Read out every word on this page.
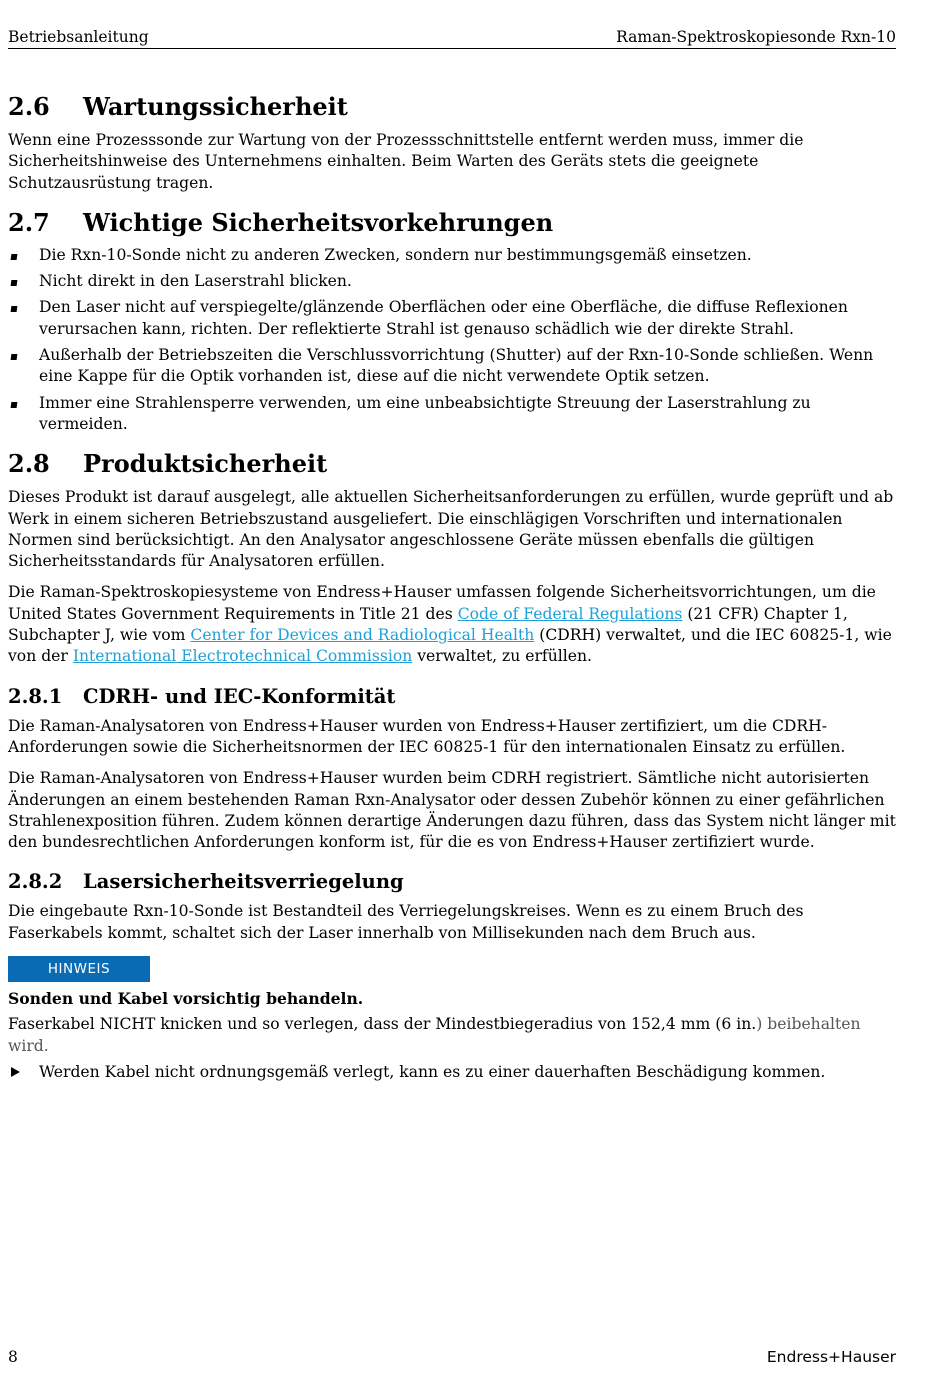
Betriebsanleitung	Raman-Spektroskopiesonde Rxn-10
2.6 Wartungssicherheit

Wenn eine Prozesssonde zur Wartung von der Prozessschnittstelle entfernt werden muss, immer die Sicherheitshinweise des Unternehmens einhalten. Beim Warten des Geräts stets die geeignete Schutzausrüstung tragen.

2.7 Wichtige Sicherheitsvorkehrungen
Die Rxn-10-Sonde nicht zu anderen Zwecken, sondern nur bestimmungsgemäß einsetzen.
Nicht direkt in den Laserstrahl blicken.
Den Laser nicht auf verspiegelte/glänzende Oberflächen oder eine Oberfläche, die diffuse Reflexionen verursachen kann, richten. Der reflektierte Strahl ist genauso schädlich wie der direkte Strahl.
Außerhalb der Betriebszeiten die Verschlussvorrichtung (Shutter) auf der Rxn-10-Sonde schließen. Wenn eine Kappe für die Optik vorhanden ist, diese auf die nicht verwendete Optik setzen.
Immer eine Strahlensperre verwenden, um eine unbeabsichtigte Streuung der Laserstrahlung zu vermeiden.
2.8 Produktsicherheit

Dieses Produkt ist darauf ausgelegt, alle aktuellen Sicherheitsanforderungen zu erfüllen, wurde geprüft und ab Werk in einem sicheren Betriebszustand ausgeliefert. Die einschlägigen Vorschriften und internationalen Normen sind berücksichtigt. An den Analysator angeschlossene Geräte müssen ebenfalls die gültigen Sicherheitsstandards für Analysatoren erfüllen.

Die Raman-Spektroskopiesysteme von Endress+Hauser umfassen folgende Sicherheitsvorrichtungen, um die United States Government Requirements in Title 21 des Code of Federal Regulations (21 CFR) Chapter 1, Subchapter J, wie vom Center for Devices and Radiological Health (CDRH) verwaltet, und die IEC 60825-1, wie von der International Electrotechnical Commission verwaltet, zu erfüllen.

2.8.1 CDRH- und IEC-Konformität

Die Raman-Analysatoren von Endress+Hauser wurden von Endress+Hauser zertifiziert, um die CDRH-Anforderungen sowie die Sicherheitsnormen der IEC 60825-1 für den internationalen Einsatz zu erfüllen.

Die Raman-Analysatoren von Endress+Hauser wurden beim CDRH registriert. Sämtliche nicht autorisierten Änderungen an einem bestehenden Raman Rxn-Analysator oder dessen Zubehör können zu einer gefährlichen Strahlenexposition führen. Zudem können derartige Änderungen dazu führen, dass das System nicht länger mit den bundesrechtlichen Anforderungen konform ist, für die es von Endress+Hauser zertifiziert wurde.

2.8.2 Lasersicherheitsverriegelung

Die eingebaute Rxn-10-Sonde ist Bestandteil des Verriegelungskreises. Wenn es zu einem Bruch des Faserkabels kommt, schaltet sich der Laser innerhalb von Millisekunden nach dem Bruch aus.

HINWEIS
Sonden und Kabel vorsichtig behandeln.
Faserkabel NICHT knicken und so verlegen, dass der Mindestbiegeradius von 152,4 mm (6 in.) beibehalten wird.
Werden Kabel nicht ordnungsgemäß verlegt, kann es zu einer dauerhaften Beschädigung kommen.
8	Endress+Hauser
